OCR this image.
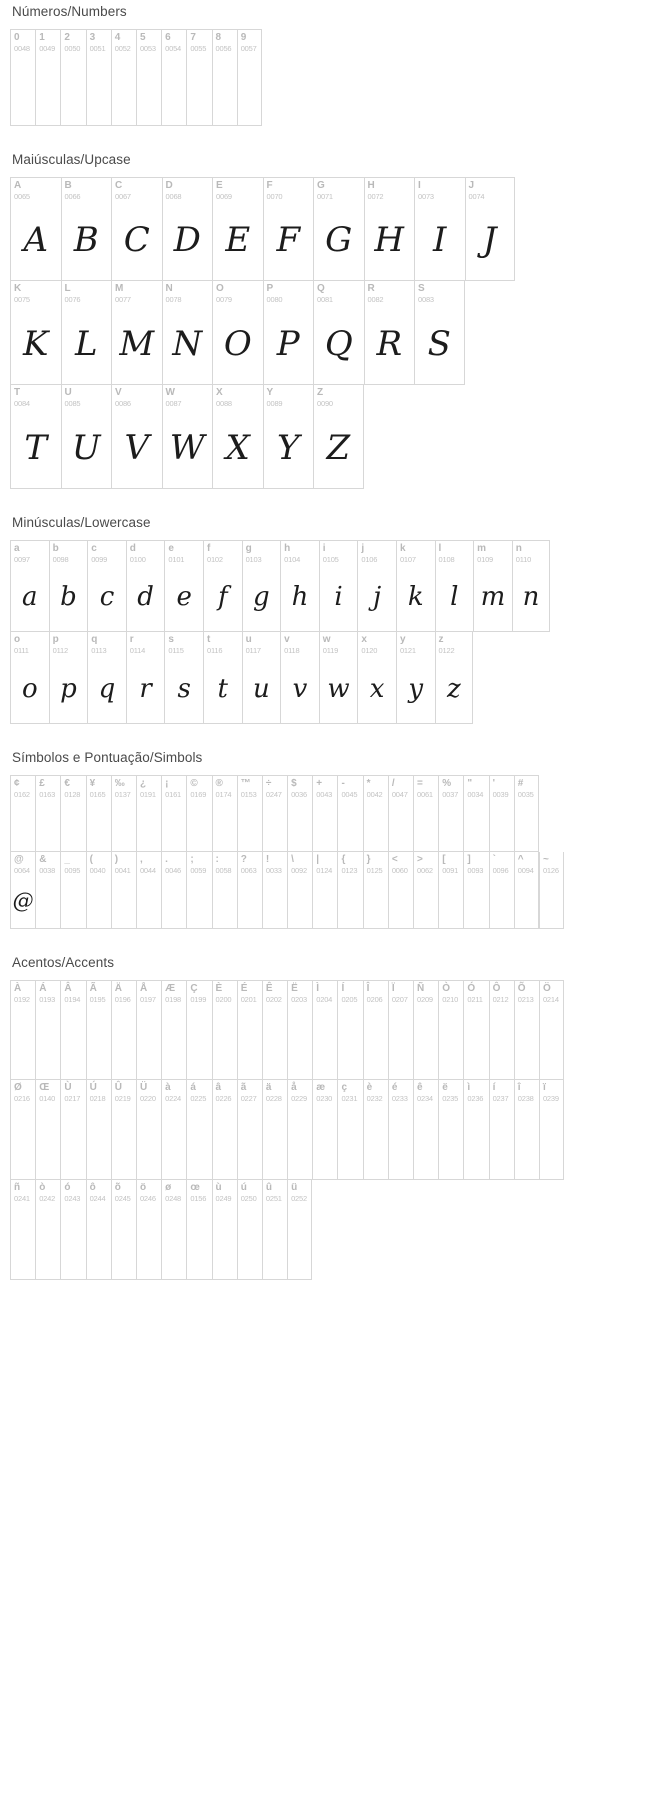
Números/Numbers
0
0048
1
0049
2
0050
3
0051
4
0052
5
0053
6
0054
7
0055
8
0056
9
0057
Maiúsculas/Upcase
A
0065
A
B
0066
B
C
0067
C
D
0068
D
E
0069
E
F
0070
F
G
0071
G
H
0072
H
I
0073
I
J
0074
J
K
0075
K
L
0076
L
M
0077
M
N
0078
N
O
0079
O
P
0080
P
Q
0081
Q
R
0082
R
S
0083
S
T
0084
T
U
0085
U
V
0086
V
W
0087
W
X
0088
X
Y
0089
Y
Z
0090
Z
Minúsculas/Lowercase
a
0097
a
b
0098
b
c
0099
c
d
0100
d
e
0101
e
f
0102
f
g
0103
g
h
0104
h
i
0105
i
j
0106
j
k
0107
k
l
0108
l
m
0109
m
n
0110
n
o
0111
o
p
0112
p
q
0113
q
r
0114
r
s
0115
s
t
0116
t
u
0117
u
v
0118
v
w
0119
w
x
0120
x
y
0121
y
z
0122
z
Símbolos e Pontuação/Simbols
¢
0162
£
0163
€
0128
¥
0165
‰
0137
¿
0191
¡
0161
©
0169
®
0174
™
0153
÷
0247
$
0036
+
0043
-
0045
*
0042
/
0047
=
0061
%
0037
"
0034
'
0039
#
0035
@
0064
@
&
0038
_
0095
(
0040
)
0041
,
0044
.
0046
;
0059
:
0058
?
0063
!
0033
\
0092
|
0124
{
0123
}
0125
<
0060
>
0062
[
0091
]
0093
`
0096
^
0094
~
0126
Acentos/Accents
À
0192
Á
0193
Â
0194
Ã
0195
Ä
0196
Å
0197
Æ
0198
Ç
0199
È
0200
É
0201
Ê
0202
Ë
0203
Ì
0204
Í
0205
Î
0206
Ï
0207
Ñ
0209
Ò
0210
Ó
0211
Ô
0212
Õ
0213
Ö
0214
Ø
0216
Œ
0140
Ù
0217
Ú
0218
Û
0219
Ü
0220
à
0224
á
0225
â
0226
ã
0227
ä
0228
å
0229
æ
0230
ç
0231
è
0232
é
0233
ê
0234
ë
0235
ì
0236
í
0237
î
0238
ï
0239
ñ
0241
ò
0242
ó
0243
ô
0244
õ
0245
ö
0246
ø
0248
œ
0156
ù
0249
ú
0250
û
0251
ü
0252
